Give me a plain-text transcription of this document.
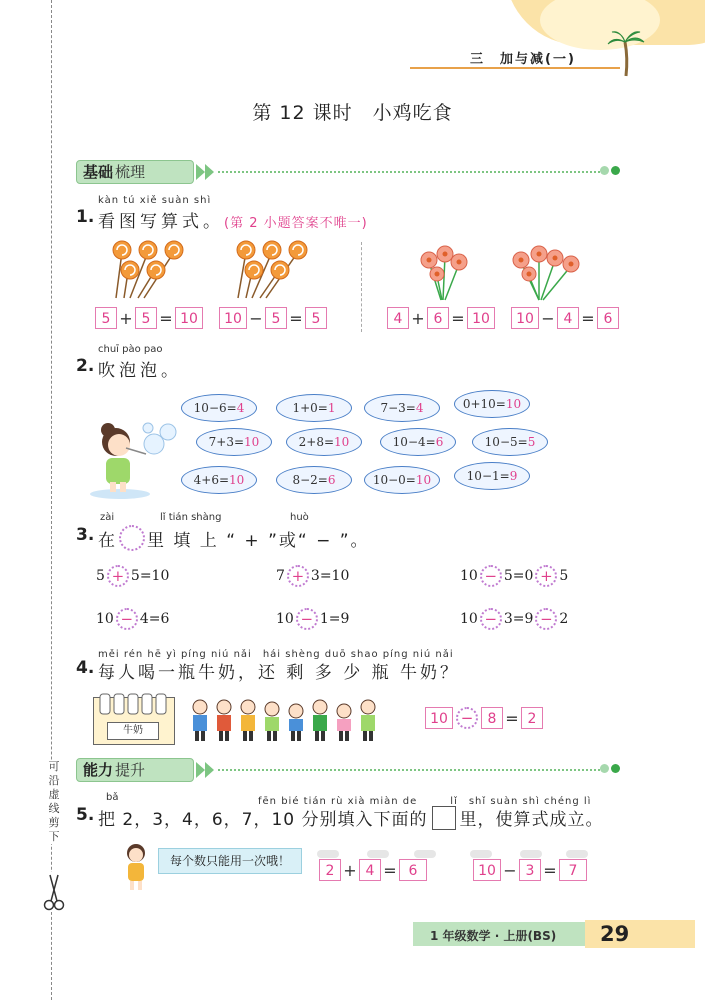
可沿虚线剪下
三　加与减(一)
第 12 课时　小鸡吃食
基础 梳理
kàn tú xiě suàn shì
1. 看图写算式。(第 2 小题答案不唯一)
5 + 5 = 10	10 − 5 = 5	4 + 6 = 10	10 − 4 = 6
chuī pào pao
2. 吹泡泡。
10−6=4	1+0=1	7−3=4	0+10=10
7+3=10	2+8=10	10−4=6	10−5=5
4+6=10	8−2=6	10−0=10	10−1=9
zài	lǐ tián shàng	huò
3. 在 里 填 上 “ + ”或“ − ”。
5 + 5=10	7 + 3=10	10 − 5=0 + 5
10 − 4=6	10 − 1=9	10 − 3=9 − 2
měi rén hē yì píng niú nǎi　hái shèng duō shao píng niú nǎi
4. 每人喝一瓶牛奶，还 剩 多 少 瓶 牛奶？
牛奶
10 −	8 = 2
能力 提升
bǎ	fēn bié tián rù xià miàn de　　　lǐ　shǐ suàn shì chéng lì
5. 把 2，3，4，6，7，10 分别填入下面的 里，使算式成立。
每个数只能用一次哦！
2 + 4 = 6	10 − 3 = 7
1 年级数学 · 上册(BS)	29
